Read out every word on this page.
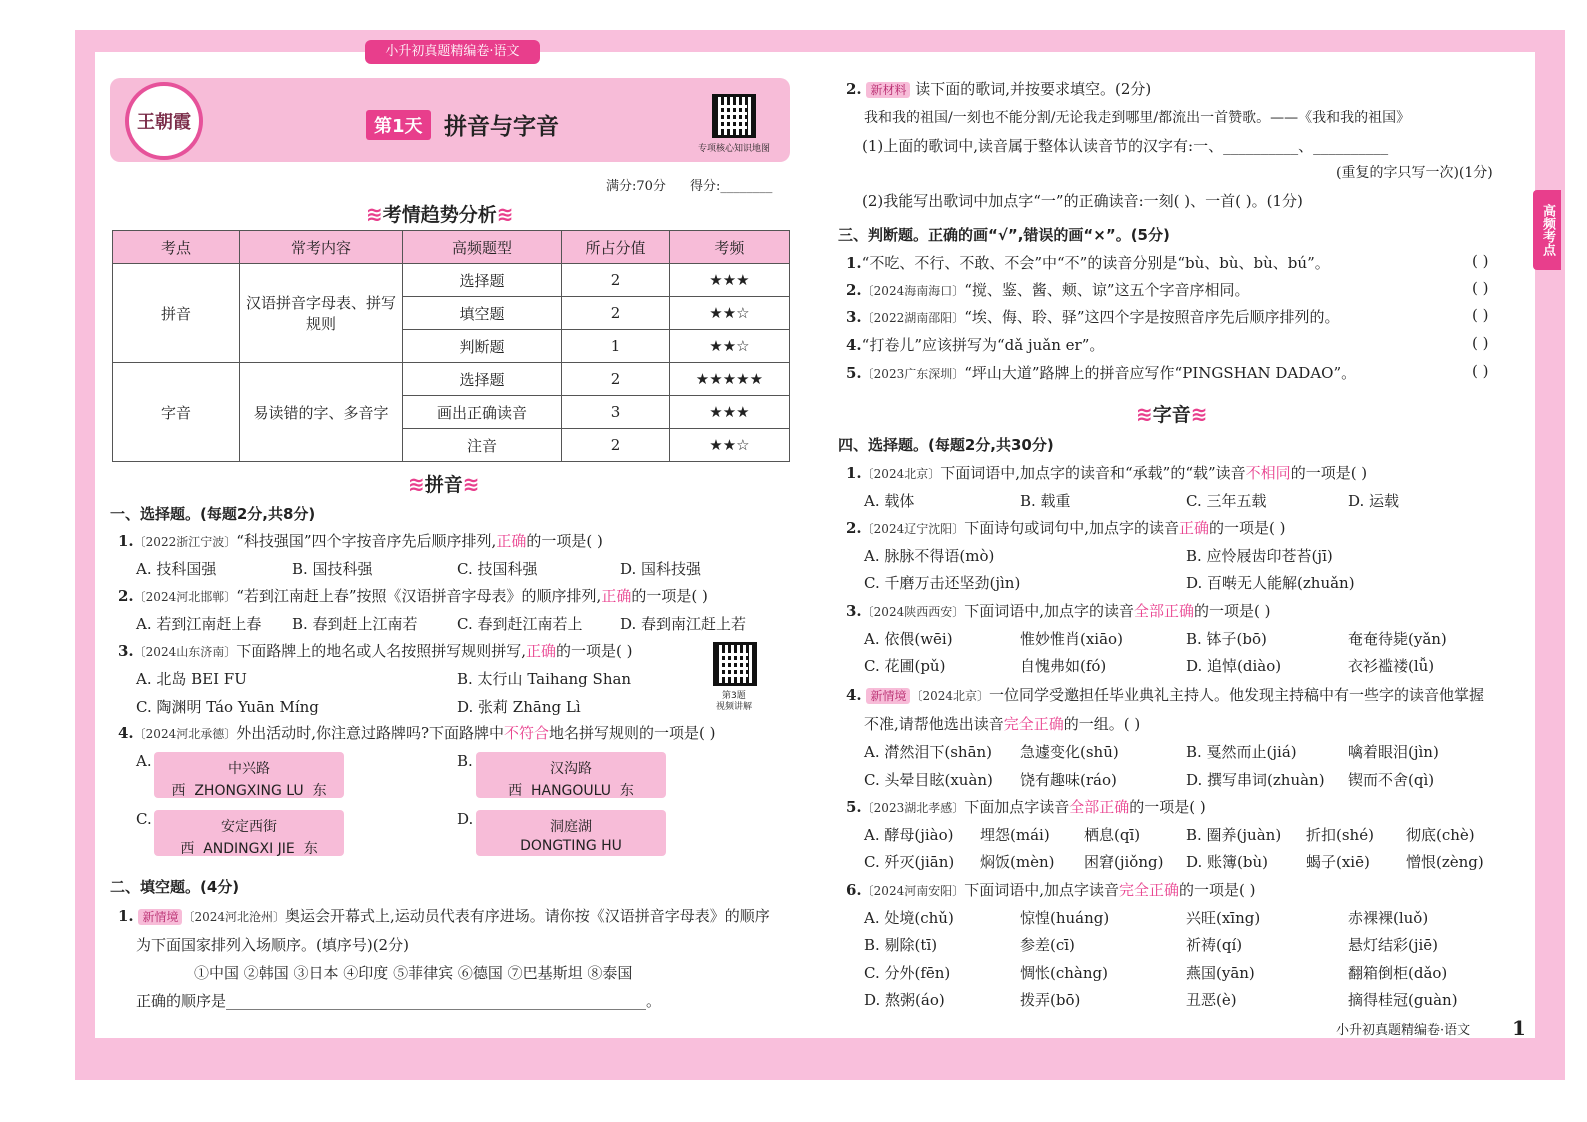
小升初真题精编卷·语文
王朝霞	第1天 拼音与字音
专项核心知识地图
满分:70分 得分:________
≋考情趋势分析≋
考点	常考内容	高频题型	所占分值	考频
拼音	汉语拼音字母表、拼写规则	选择题	2	★★★
		填空题	2	★★☆
		判断题	1	★★☆
字音	易读错的字、多音字	选择题	2	★★★★★
		画出正确读音	3	★★★
		注音	2	★★☆
≋拼音≋
一、选择题。(每题2分,共8分)
1.〔2022浙江宁波〕“科技强国”四个字按音序先后顺序排列,正确的一项是( )
A. 技科国强	B. 国技科强	C. 技国科强	D. 国科技强
2.〔2024河北邯郸〕“若到江南赶上春”按照《汉语拼音字母表》的顺序排列,正确的一项是( )
A. 若到江南赶上春 B. 春到赶上江南若	C. 春到赶江南若上	D. 春到南江赶上若
3.〔2024山东济南〕下面路牌上的地名或人名按照拼写规则拼写,正确的一项是( )
第3题
视频讲解
A. 北岛 BEI FU	B. 太行山 Taihang Shan
C. 陶渊明 Táo Yuān Míng	D. 张莉 Zhāng Lì
4.〔2024河北承德〕外出活动时,你注意过路牌吗?下面路牌中不符合地名拼写规则的一项是( )
A.	中兴路
西 ZHONGXING LU 东
B.	汉沟路
西 HANGOULU 东
C.	安定西街
西 ANDINGXI JIE 东
D.	洞庭湖
DONGTING HU
二、填空题。(4分)
1. 新情境 〔2024河北沧州〕奥运会开幕式上,运动员代表有序进场。请你按《汉语拼音字母表》的顺序
为下面国家排列入场顺序。(填序号)(2分)
①中国 ②韩国 ③日本 ④印度 ⑤菲律宾 ⑥德国 ⑦巴基斯坦 ⑧泰国
正确的顺序是________________________________________________________。
2. 新材料 读下面的歌词,并按要求填空。(2分)
我和我的祖国/一刻也不能分割/无论我走到哪里/都流出一首赞歌。——《我和我的祖国》
(1)上面的歌词中,读音属于整体认读音节的汉字有:一、__________、__________
(重复的字只写一次)(1分)
(2)我能写出歌词中加点字“一”的正确读音:一刻( )、一首( )。(1分)
高频考点
三、判断题。正确的画“√”,错误的画“×”。(5分)
1.“不吃、不行、不敢、不会”中“不”的读音分别是“bù、bù、bù、bú”。	( )
2.〔2024海南海口〕“搅、鉴、酱、颊、谅”这五个字音序相同。	( )
3.〔2022湖南邵阳〕“埃、侮、聆、驿”这四个字是按照音序先后顺序排列的。	( )
4.“打卷儿”应该拼写为“dǎ juǎn er”。	( )
5.〔2023广东深圳〕“坪山大道”路牌上的拼音应写作“PINGSHAN DADAO”。	( )
≋字音≋
四、选择题。(每题2分,共30分)
1.〔2024北京〕下面词语中,加点字的读音和“承载”的“载”读音不相同的一项是( )
A. 载体	B. 载重	C. 三年五载	D. 运载
2.〔2024辽宁沈阳〕下面诗句或词句中,加点字的读音正确的一项是( )
A. 脉脉不得语(mò)	B. 应怜屐齿印苍苔(jī)
C. 千磨万击还坚劲(jìn)	D. 百啭无人能解(zhuǎn)
3.〔2024陕西西安〕下面词语中,加点字的读音全部正确的一项是( )
A. 依偎(wēi)	惟妙惟肖(xiāo)	B. 钵子(bō)	奄奄待毙(yǎn)
C. 花圃(pǔ)	自愧弗如(fó)	D. 追悼(diào)	衣衫褴褛(lǚ)
4. 新情境 〔2024北京〕一位同学受邀担任毕业典礼主持人。他发现主持稿中有一些字的读音他掌握
不准,请帮他选出读音完全正确的一组。( )
A. 潸然泪下(shān) 急遽变化(shū)	B. 戛然而止(jiá)	噙着眼泪(jìn)
C. 头晕目眩(xuàn) 饶有趣味(ráo)	D. 撰写串词(zhuàn) 锲而不舍(qì)
5.〔2023湖北孝感〕下面加点字读音全部正确的一项是( )
A. 酵母(jiào) 埋怨(mái) 栖息(qī)	B. 圈养(juàn) 折扣(shé) 彻底(chè)
C. 歼灭(jiān) 焖饭(mèn) 困窘(jiǒng) D. 账簿(bù)	蝎子(xiē) 憎恨(zèng)
6.〔2024河南安阳〕下面词语中,加点字读音完全正确的一项是( )
A. 处境(chǔ)	惊惶(huáng)	兴旺(xīng)	赤裸裸(luǒ)
B. 剔除(tī)	参差(cī)	祈祷(qí)	悬灯结彩(jiē)
C. 分外(fēn)	惆怅(chàng)	燕国(yān)	翻箱倒柜(dǎo)
D. 熬粥(áo)	拨弄(bō)	丑恶(è)	摘得桂冠(guàn)
小升初真题精编卷·语文 1
